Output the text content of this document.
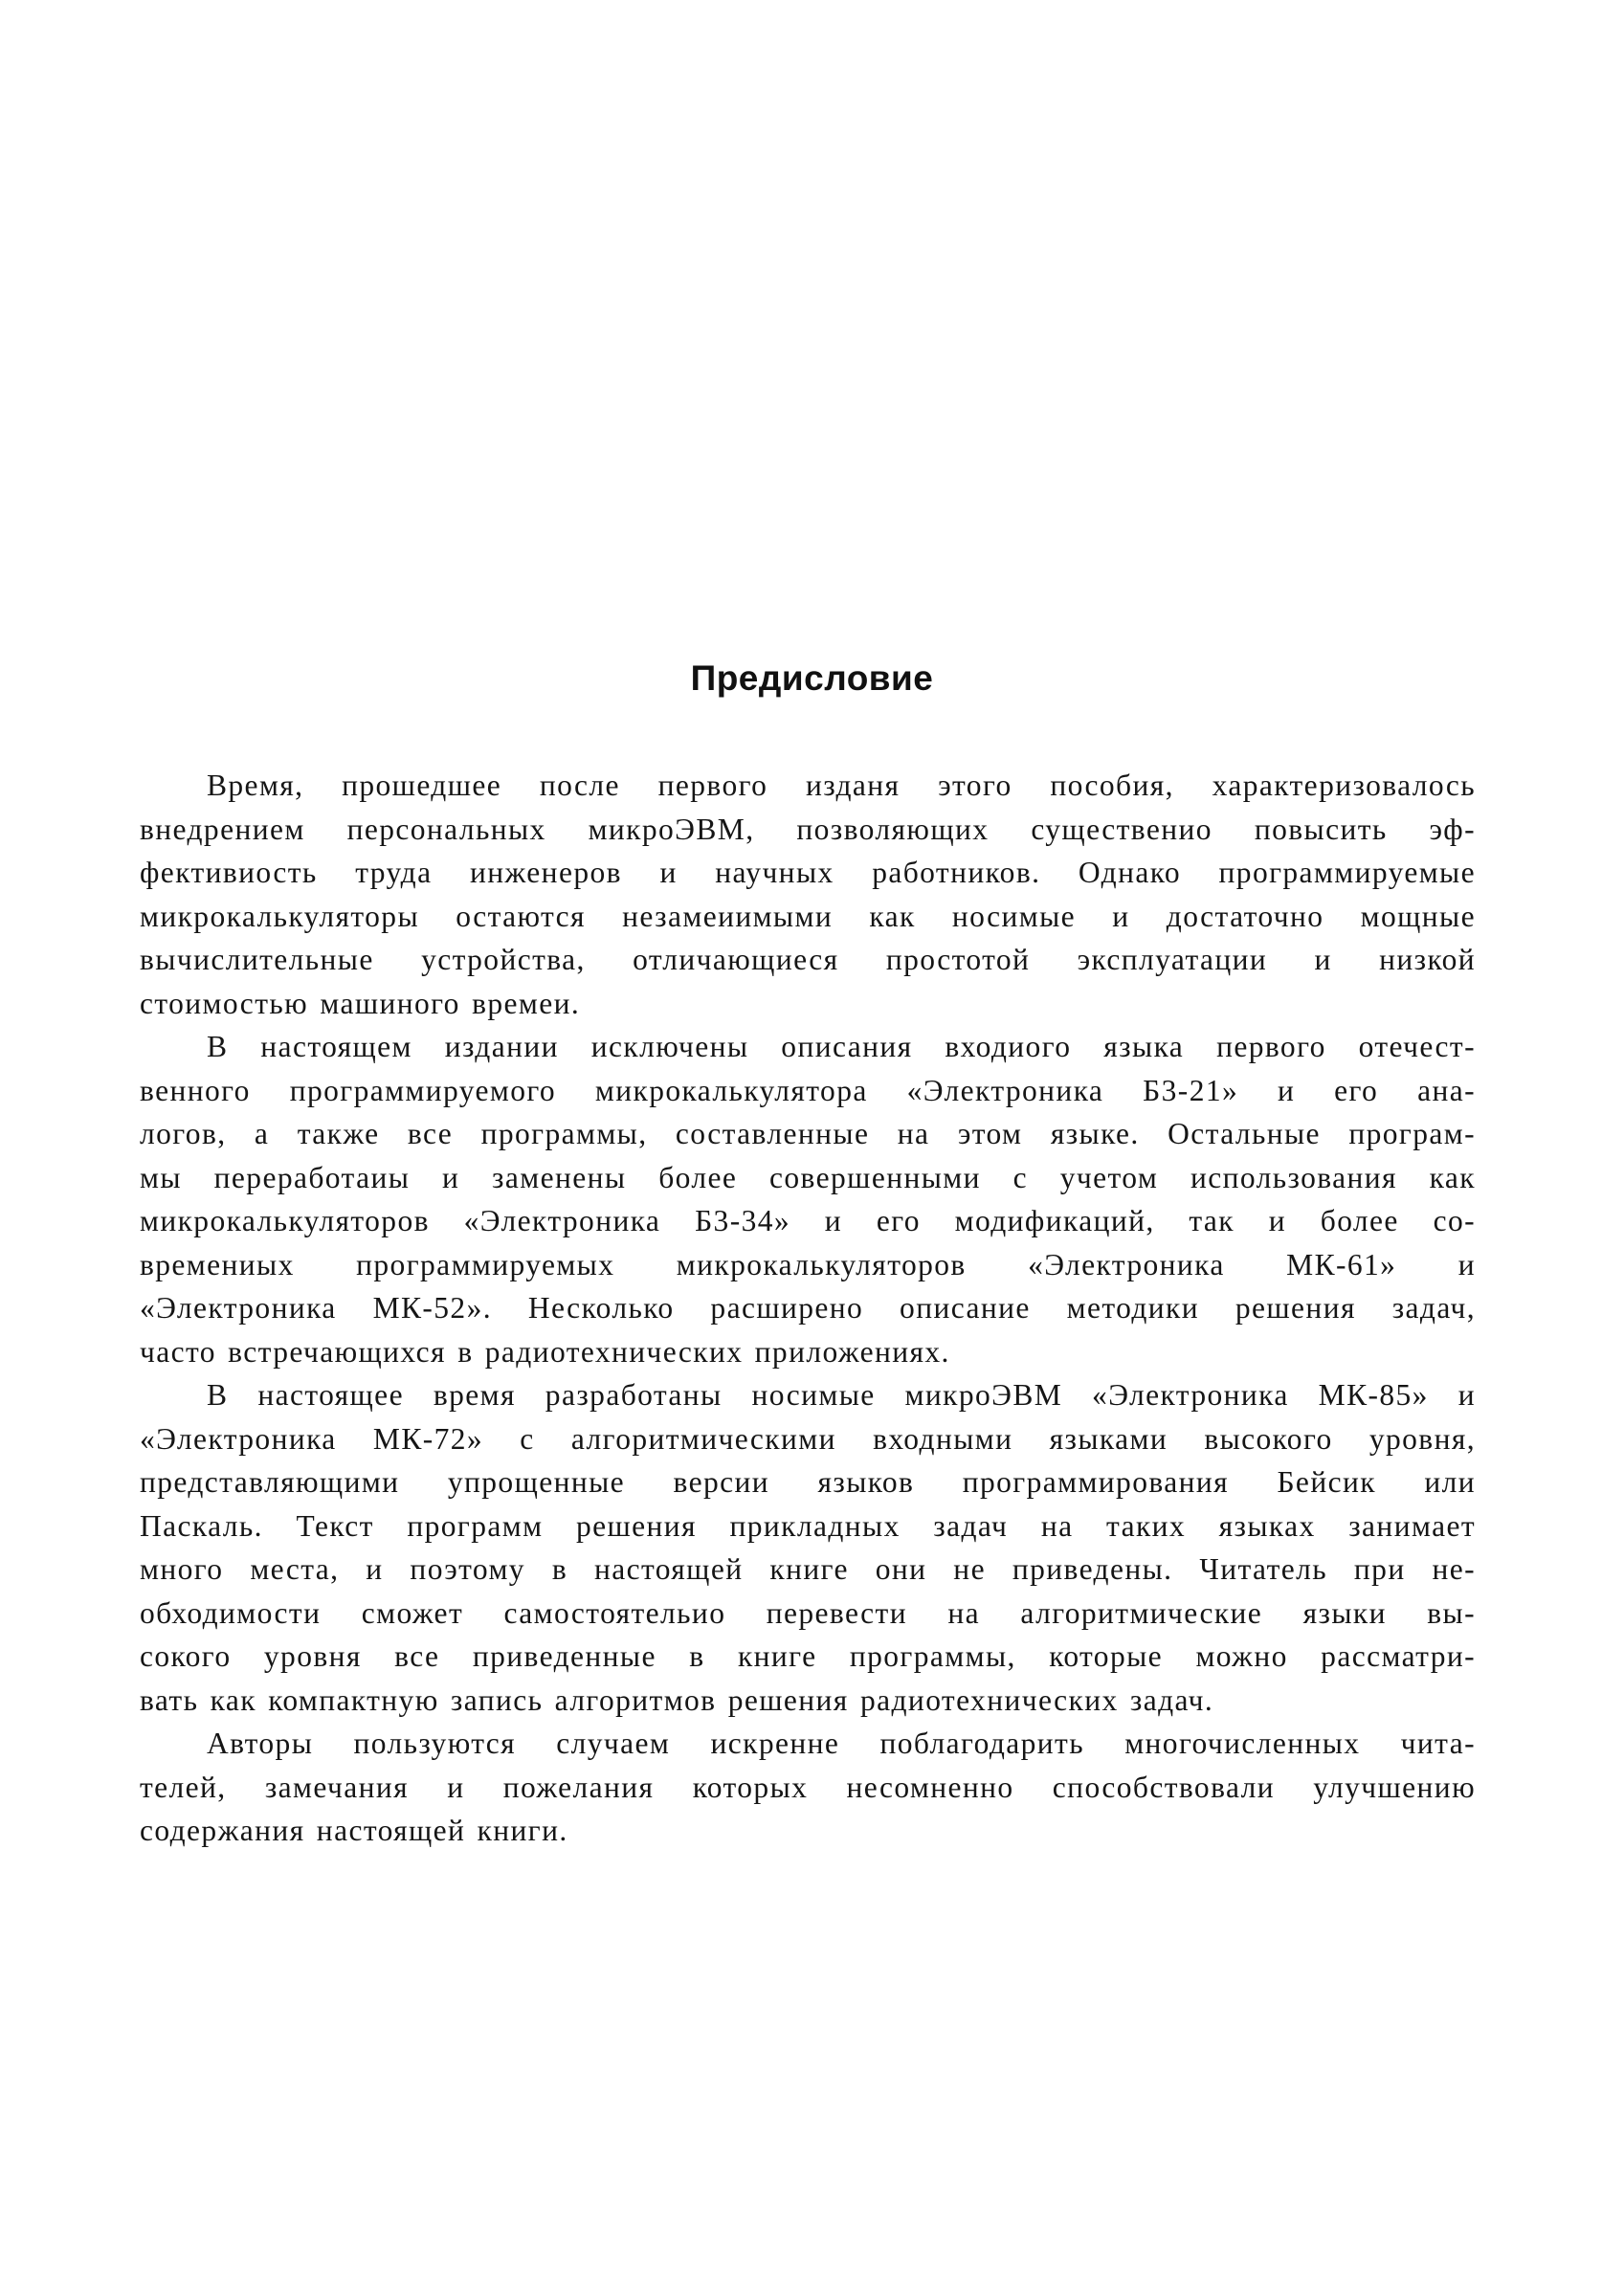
Предисловие
Время, прошедшее после первого изданя этого пособия, характеризовалось
внедрением персональных микроЭВМ, позволяющих существенио повысить эф-
фективиость труда инженеров и научных работников. Однако программируемые
микрокалькуляторы остаются незамеиимыми как носимые и достаточно мощные
вычислительные устройства, отличающиеся простотой эксплуатации и низкой
стоимостью машиного времеи.
В настоящем издании исключены описания входиого языка первого отечест-
венного программируемого микрокалькулятора «Электроника Б3-21» и его ана-
логов, а также все программы, составленные на этом языке. Остальные програм-
мы переработаиы и заменены более совершенными с учетом использования как
микрокалькуляторов «Электроника Б3-34» и его модификаций, так и более со-
времениых программируемых микрокалькуляторов «Электроника МК-61» и
«Электроника МК-52». Несколько расширено описание методики решения задач,
часто встречающихся в радиотехнических приложениях.
В настоящее время разработаны носимые микроЭВМ «Электроника МК-85» и
«Электроника МК-72» с алгоритмическими входными языками высокого уровня,
представляющими упрощенные версии языков программирования Бейсик или
Паскаль. Текст программ решения прикладных задач на таких языках занимает
много места, и поэтому в настоящей книге они не приведены. Читатель при не-
обходимости сможет самостоятельио перевести на алгоритмические языки вы-
сокого уровня все приведенные в книге программы, которые можно рассматри-
вать как компактную запись алгоритмов решения радиотехнических задач.
Авторы пользуются случаем искренне поблагодарить многочисленных чита-
телей, замечания и пожелания которых несомненно способствовали улучшению
содержания настоящей книги.
